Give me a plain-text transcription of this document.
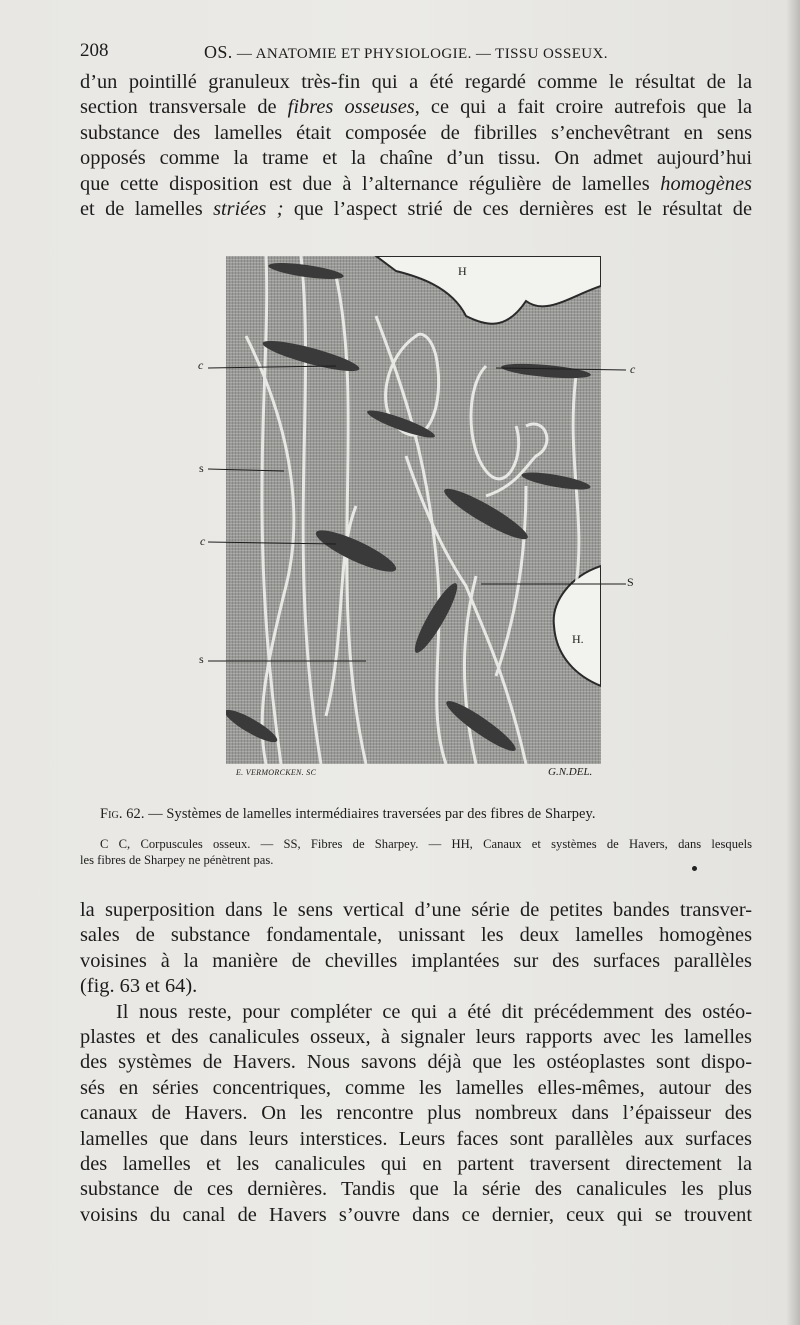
208	OS. — ANATOMIE ET PHYSIOLOGIE. — TISSU OSSEUX.
d’un pointillé granuleux très-fin qui a été regardé comme le résultat de la
section transversale de fibres osseuses, ce qui a fait croire autrefois que la
substance des lamelles était composée de fibrilles s’enchevêtrant en sens
opposés comme la trame et la chaîne d’un tissu. On admet aujourd’hui
que cette disposition est due à l’alternance régulière de lamelles homogènes
et de lamelles striées ; que l’aspect strié de ces dernières est le résultat de
H
H.
c	c
s
c
S
s
E. VERMORCKEN. SC	G.N.DEL.
Fig. 62. — Systèmes de lamelles intermédiaires traversées par des fibres de Sharpey.
C C, Corpuscules osseux. — SS, Fibres de Sharpey. — HH, Canaux et systèmes de Havers, dans lesquels
les fibres de Sharpey ne pénètrent pas.
la superposition dans le sens vertical d’une série de petites bandes transver-
sales de substance fondamentale, unissant les deux lamelles homogènes
voisines à la manière de chevilles implantées sur des surfaces parallèles
(fig. 63 et 64).
Il nous reste, pour compléter ce qui a été dit précédemment des ostéo-
plastes et des canalicules osseux, à signaler leurs rapports avec les lamelles
des systèmes de Havers. Nous savons déjà que les ostéoplastes sont dispo-
sés en séries concentriques, comme les lamelles elles-mêmes, autour des
canaux de Havers. On les rencontre plus nombreux dans l’épaisseur des
lamelles que dans leurs interstices. Leurs faces sont parallèles aux surfaces
des lamelles et les canalicules qui en partent traversent directement la
substance de ces dernières. Tandis que la série des canalicules les plus
voisins du canal de Havers s’ouvre dans ce dernier, ceux qui se trouvent
